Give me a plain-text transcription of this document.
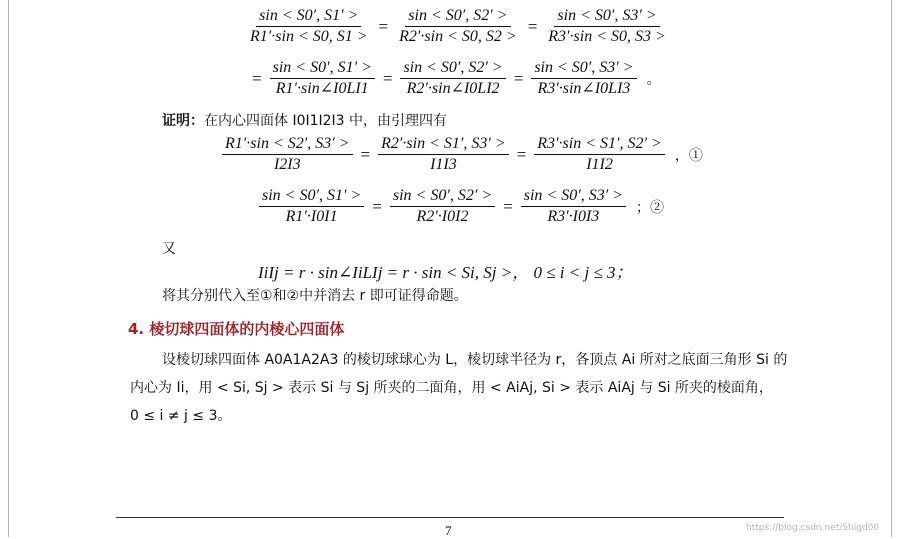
$\frac{\sin < S0', S1' >}{R1'\cdot\sin < S0, S1 >} = \frac{\sin < S0', S2' >}{R2'\cdot\sin < S0, S2 >} = \frac{\sin < S0', S3' >}{R3'\cdot\sin < S0, S3 >}$
= $\frac{\sin < S0', S1' >}{R1'\cdot\sin\angle I0LI1} = \frac{\sin < S0', S2' >}{R2'\cdot\sin\angle I0LI2} = \frac{\sin < S0', S3' >}{R3'\cdot\sin\angle I0LI3}$ 。
证明： 在内心四面体 I0I1I2I3 中，由引理四有
$\frac{R1'\cdot\sin < S2', S3' >}{I2I3} = \frac{R2'\cdot\sin < S1', S3' >}{I1I3} = \frac{R3'\cdot\sin < S1', S2' >}{I1I2}$ ，①
$\frac{\sin < S0', S1' >}{R1'\cdot I0I1} = \frac{\sin < S0', S2' >}{R2'\cdot I0I2} = \frac{\sin < S0', S3' >}{R3'\cdot I0I3}$ ；②
又
IiIj = r · sin∠IiLIj = r · sin < Si, Sj >， 0 ≤ i < j ≤ 3；
将其分别代入至①和②中并消去 r 即可证得命题。
4. 棱切球四面体的内棱心四面体
设棱切球四面体 A0A1A2A3 的棱切球球心为 L，棱切球半径为 r，各顶点 Ai 所对之底面三角形 Si 的
内心为 Ii，用 < Si, Sj > 表示 Si 与 Sj 所夹的二面角，用 < AiAj, Si > 表示 AiAj 与 Si 所夹的棱面角，
0 ≤ i ≠ j ≤ 3。
7	https://blog.csdn.net/Shigd00
